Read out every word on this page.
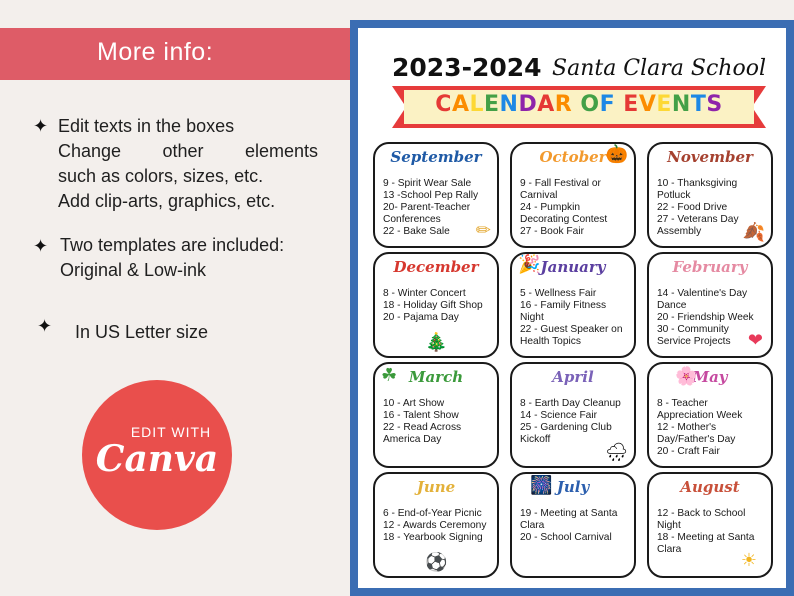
More info:
✦ Edit texts in the boxes
Change other elements
such as colors, sizes, etc.
Add clip-arts, graphics, etc.
✦ Two templates are included:
Original & Low-ink
✦ In US Letter size
EDIT WITH
Canva
2023-2024 Santa Clara School
CALENDAR OF EVENTS
September
9 - Spirit Wear Sale
13 -School Pep Rally
20- Parent-Teacher Conferences
22 - Bake Sale	✏
October
9 - Fall Festival or Carnival
24 - Pumpkin Decorating Contest
27 - Book Fair
🎃	November
10 - Thanksgiving Potluck
22 - Food Drive
27 - Veterans Day Assembly	🍂
December
8 - Winter Concert
18 - Holiday Gift Shop
20 - Pajama Day
🎄
January
5 - Wellness Fair
16 - Family Fitness Night
22 - Guest Speaker on Health Topics
🎉	February
14 - Valentine's Day Dance
20 - Friendship Week
30 - Community Service Projects ❤
March
10 - Art Show
16 - Talent Show
22 - Read Across America Day
☘	April
8 - Earth Day Cleanup
14 - Science Fair
25 - Gardening Club Kickoff
🌧
May
8 - Teacher Appreciation Week
12 - Mother's Day/Father's Day
20 - Craft Fair
🌸
June
6 - End-of-Year Picnic
12 - Awards Ceremony
18 - Yearbook Signing
⚽
July
19 - Meeting at Santa Clara
20 - School Carnival
🎆	August
12 - Back to School Night
18 - Meeting at Santa Clara
☀
